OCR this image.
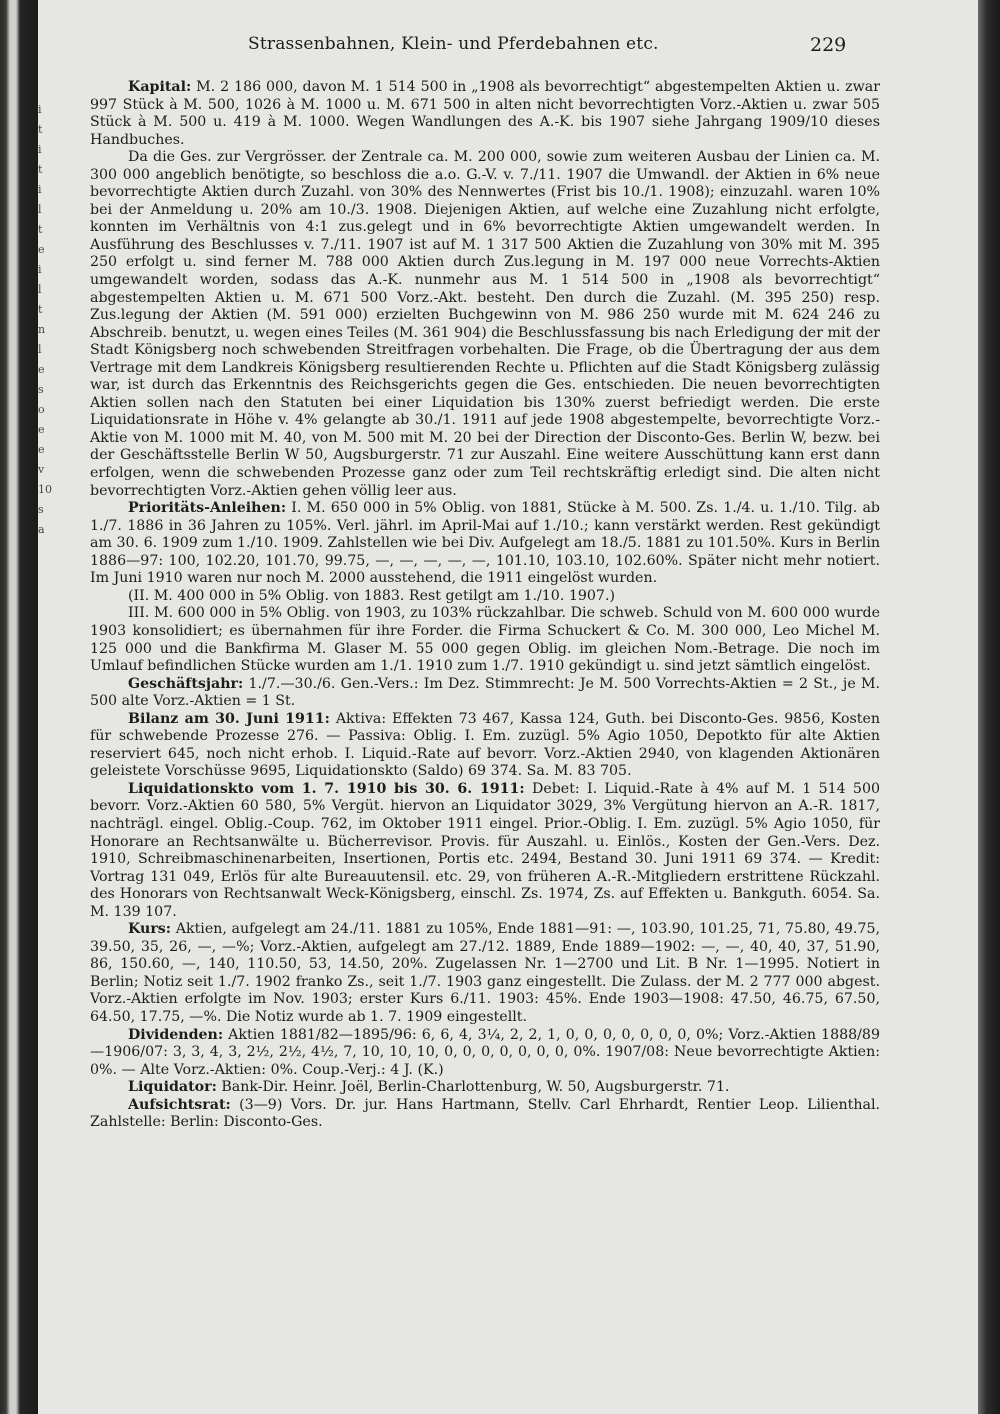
i
t
i
t
i
l
t
e
i
l
t
n
l
e
s
o
e
e
v
10
s
a
Strassenbahnen, Klein- und Pferdebahnen etc.	229

Kapital: M. 2 186 000, davon M. 1 514 500 in „1908 als bevorrechtigt“ abgestempelten Aktien u. zwar 997 Stück à M. 500, 1026 à M. 1000 u. M. 671 500 in alten nicht bevorrechtigten Vorz.-Aktien u. zwar 505 Stück à M. 500 u. 419 à M. 1000. Wegen Wandlungen des A.-K. bis 1907 siehe Jahrgang 1909/10 dieses Handbuches.

Da die Ges. zur Vergrösser. der Zentrale ca. M. 200 000, sowie zum weiteren Ausbau der Linien ca. M. 300 000 angeblich benötigte, so beschloss die a.o. G.-V. v. 7./11. 1907 die Umwandl. der Aktien in 6% neue bevorrechtigte Aktien durch Zuzahl. von 30% des Nennwertes (Frist bis 10./1. 1908); einzuzahl. waren 10% bei der Anmeldung u. 20% am 10./3. 1908. Diejenigen Aktien, auf welche eine Zuzahlung nicht erfolgte, konnten im Verhältnis von 4:1 zus.gelegt und in 6% bevorrechtigte Aktien umgewandelt werden. In Ausführung des Beschlusses v. 7./11. 1907 ist auf M. 1 317 500 Aktien die Zuzahlung von 30% mit M. 395 250 erfolgt u. sind ferner M. 788 000 Aktien durch Zus.legung in M. 197 000 neue Vorrechts-Aktien umgewandelt worden, sodass das A.-K. nunmehr aus M. 1 514 500 in „1908 als bevorrechtigt“ abgestempelten Aktien u. M. 671 500 Vorz.-Akt. besteht. Den durch die Zuzahl. (M. 395 250) resp. Zus.legung der Aktien (M. 591 000) erzielten Buchgewinn von M. 986 250 wurde mit M. 624 246 zu Abschreib. benutzt, u. wegen eines Teiles (M. 361 904) die Beschlussfassung bis nach Erledigung der mit der Stadt Königsberg noch schwebenden Streitfragen vorbehalten. Die Frage, ob die Übertragung der aus dem Vertrage mit dem Landkreis Königsberg resultierenden Rechte u. Pflichten auf die Stadt Königsberg zulässig war, ist durch das Erkenntnis des Reichsgerichts gegen die Ges. entschieden. Die neuen bevorrechtigten Aktien sollen nach den Statuten bei einer Liquidation bis 130% zuerst befriedigt werden. Die erste Liquidationsrate in Höhe v. 4% gelangte ab 30./1. 1911 auf jede 1908 abgestempelte, bevorrechtigte Vorz.-Aktie von M. 1000 mit M. 40, von M. 500 mit M. 20 bei der Direction der Disconto-Ges. Berlin W, bezw. bei der Geschäftsstelle Berlin W 50, Augsburgerstr. 71 zur Auszahl. Eine weitere Ausschüttung kann erst dann erfolgen, wenn die schwebenden Prozesse ganz oder zum Teil rechtskräftig erledigt sind. Die alten nicht bevorrechtigten Vorz.-Aktien gehen völlig leer aus.

Prioritäts-Anleihen: I. M. 650 000 in 5% Oblig. von 1881, Stücke à M. 500. Zs. 1./4. u. 1./10. Tilg. ab 1./7. 1886 in 36 Jahren zu 105%. Verl. jährl. im April-Mai auf 1./10.; kann verstärkt werden. Rest gekündigt am 30. 6. 1909 zum 1./10. 1909. Zahlstellen wie bei Div. Aufgelegt am 18./5. 1881 zu 101.50%. Kurs in Berlin 1886—97: 100, 102.20, 101.70, 99.75, —, —, —, —, —, 101.10, 103.10, 102.60%. Später nicht mehr notiert. Im Juni 1910 waren nur noch M. 2000 ausstehend, die 1911 eingelöst wurden.

(II. M. 400 000 in 5% Oblig. von 1883. Rest getilgt am 1./10. 1907.)

III. M. 600 000 in 5% Oblig. von 1903, zu 103% rückzahlbar. Die schweb. Schuld von M. 600 000 wurde 1903 konsolidiert; es übernahmen für ihre Forder. die Firma Schuckert & Co. M. 300 000, Leo Michel M. 125 000 und die Bankfirma M. Glaser M. 55 000 gegen Oblig. im gleichen Nom.-Betrage. Die noch im Umlauf befindlichen Stücke wurden am 1./1. 1910 zum 1./7. 1910 gekündigt u. sind jetzt sämtlich eingelöst.

Geschäftsjahr: 1./7.—30./6. Gen.-Vers.: Im Dez. Stimmrecht: Je M. 500 Vorrechts-Aktien = 2 St., je M. 500 alte Vorz.-Aktien = 1 St.

Bilanz am 30. Juni 1911: Aktiva: Effekten 73 467, Kassa 124, Guth. bei Disconto-Ges. 9856, Kosten für schwebende Prozesse 276. — Passiva: Oblig. I. Em. zuzügl. 5% Agio 1050, Depotkto für alte Aktien reserviert 645, noch nicht erhob. I. Liquid.-Rate auf bevorr. Vorz.-Aktien 2940, von klagenden Aktionären geleistete Vorschüsse 9695, Liquidationskto (Saldo) 69 374. Sa. M. 83 705.

Liquidationskto vom 1. 7. 1910 bis 30. 6. 1911: Debet: I. Liquid.-Rate à 4% auf M. 1 514 500 bevorr. Vorz.-Aktien 60 580, 5% Vergüt. hiervon an Liquidator 3029, 3% Vergütung hiervon an A.-R. 1817, nachträgl. eingel. Oblig.-Coup. 762, im Oktober 1911 eingel. Prior.-Oblig. I. Em. zuzügl. 5% Agio 1050, für Honorare an Rechtsanwälte u. Bücherrevisor. Provis. für Auszahl. u. Einlös., Kosten der Gen.-Vers. Dez. 1910, Schreibmaschinenarbeiten, Insertionen, Portis etc. 2494, Bestand 30. Juni 1911 69 374. — Kredit: Vortrag 131 049, Erlös für alte Bureauutensil. etc. 29, von früheren A.-R.-Mitgliedern erstrittene Rückzahl. des Honorars von Rechtsanwalt Weck-Königsberg, einschl. Zs. 1974, Zs. auf Effekten u. Bankguth. 6054. Sa. M. 139 107.

Kurs: Aktien, aufgelegt am 24./11. 1881 zu 105%, Ende 1881—91: —, 103.90, 101.25, 71, 75.80, 49.75, 39.50, 35, 26, —, —%; Vorz.-Aktien, aufgelegt am 27./12. 1889, Ende 1889—1902: —, —, 40, 40, 37, 51.90, 86, 150.60, —, 140, 110.50, 53, 14.50, 20%. Zugelassen Nr. 1—2700 und Lit. B Nr. 1—1995. Notiert in Berlin; Notiz seit 1./7. 1902 franko Zs., seit 1./7. 1903 ganz eingestellt. Die Zulass. der M. 2 777 000 abgest. Vorz.-Aktien erfolgte im Nov. 1903; erster Kurs 6./11. 1903: 45%. Ende 1903—1908: 47.50, 46.75, 67.50, 64.50, 17.75, —%. Die Notiz wurde ab 1. 7. 1909 eingestellt.

Dividenden: Aktien 1881/82—1895/96: 6, 6, 4, 3¼, 2, 2, 1, 0, 0, 0, 0, 0, 0, 0, 0%; Vorz.-Aktien 1888/89—1906/07: 3, 3, 4, 3, 2½, 2½, 4½, 7, 10, 10, 10, 0, 0, 0, 0, 0, 0, 0, 0%. 1907/08: Neue bevorrechtigte Aktien: 0%. — Alte Vorz.-Aktien: 0%. Coup.-Verj.: 4 J. (K.)

Liquidator: Bank-Dir. Heinr. Joël, Berlin-Charlottenburg, W. 50, Augsburgerstr. 71.

Aufsichtsrat: (3—9) Vors. Dr. jur. Hans Hartmann, Stellv. Carl Ehrhardt, Rentier Leop. Lilienthal. Zahlstelle: Berlin: Disconto-Ges.
